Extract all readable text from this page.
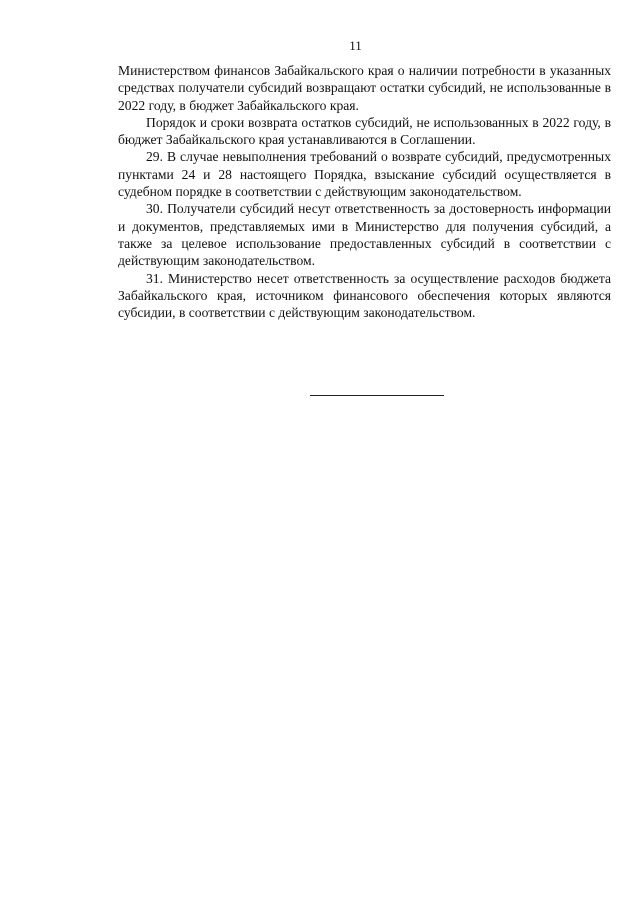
11

Министерством финансов Забайкальского края о наличии потребности в указанных средствах получатели субсидий возвращают остатки субсидий, не использованные в 2022 году, в бюджет Забайкальского края.

Порядок и сроки возврата остатков субсидий, не использованных в 2022 году, в бюджет Забайкальского края устанавливаются в Соглашении.

29. В случае невыполнения требований о возврате субсидий, предусмотренных пунктами 24 и 28 настоящего Порядка, взыскание субсидий осуществляется в судебном порядке в соответствии с действующим законодательством.

30. Получатели субсидий несут ответственность за достоверность информации и документов, представляемых ими в Министерство для получения субсидий, а также за целевое использование предоставленных субсидий в соответствии с действующим законодательством.

31. Министерство несет ответственность за осуществление расходов бюджета Забайкальского края, источником финансового обеспечения которых являются субсидии, в соответствии с действующим законодательством.
